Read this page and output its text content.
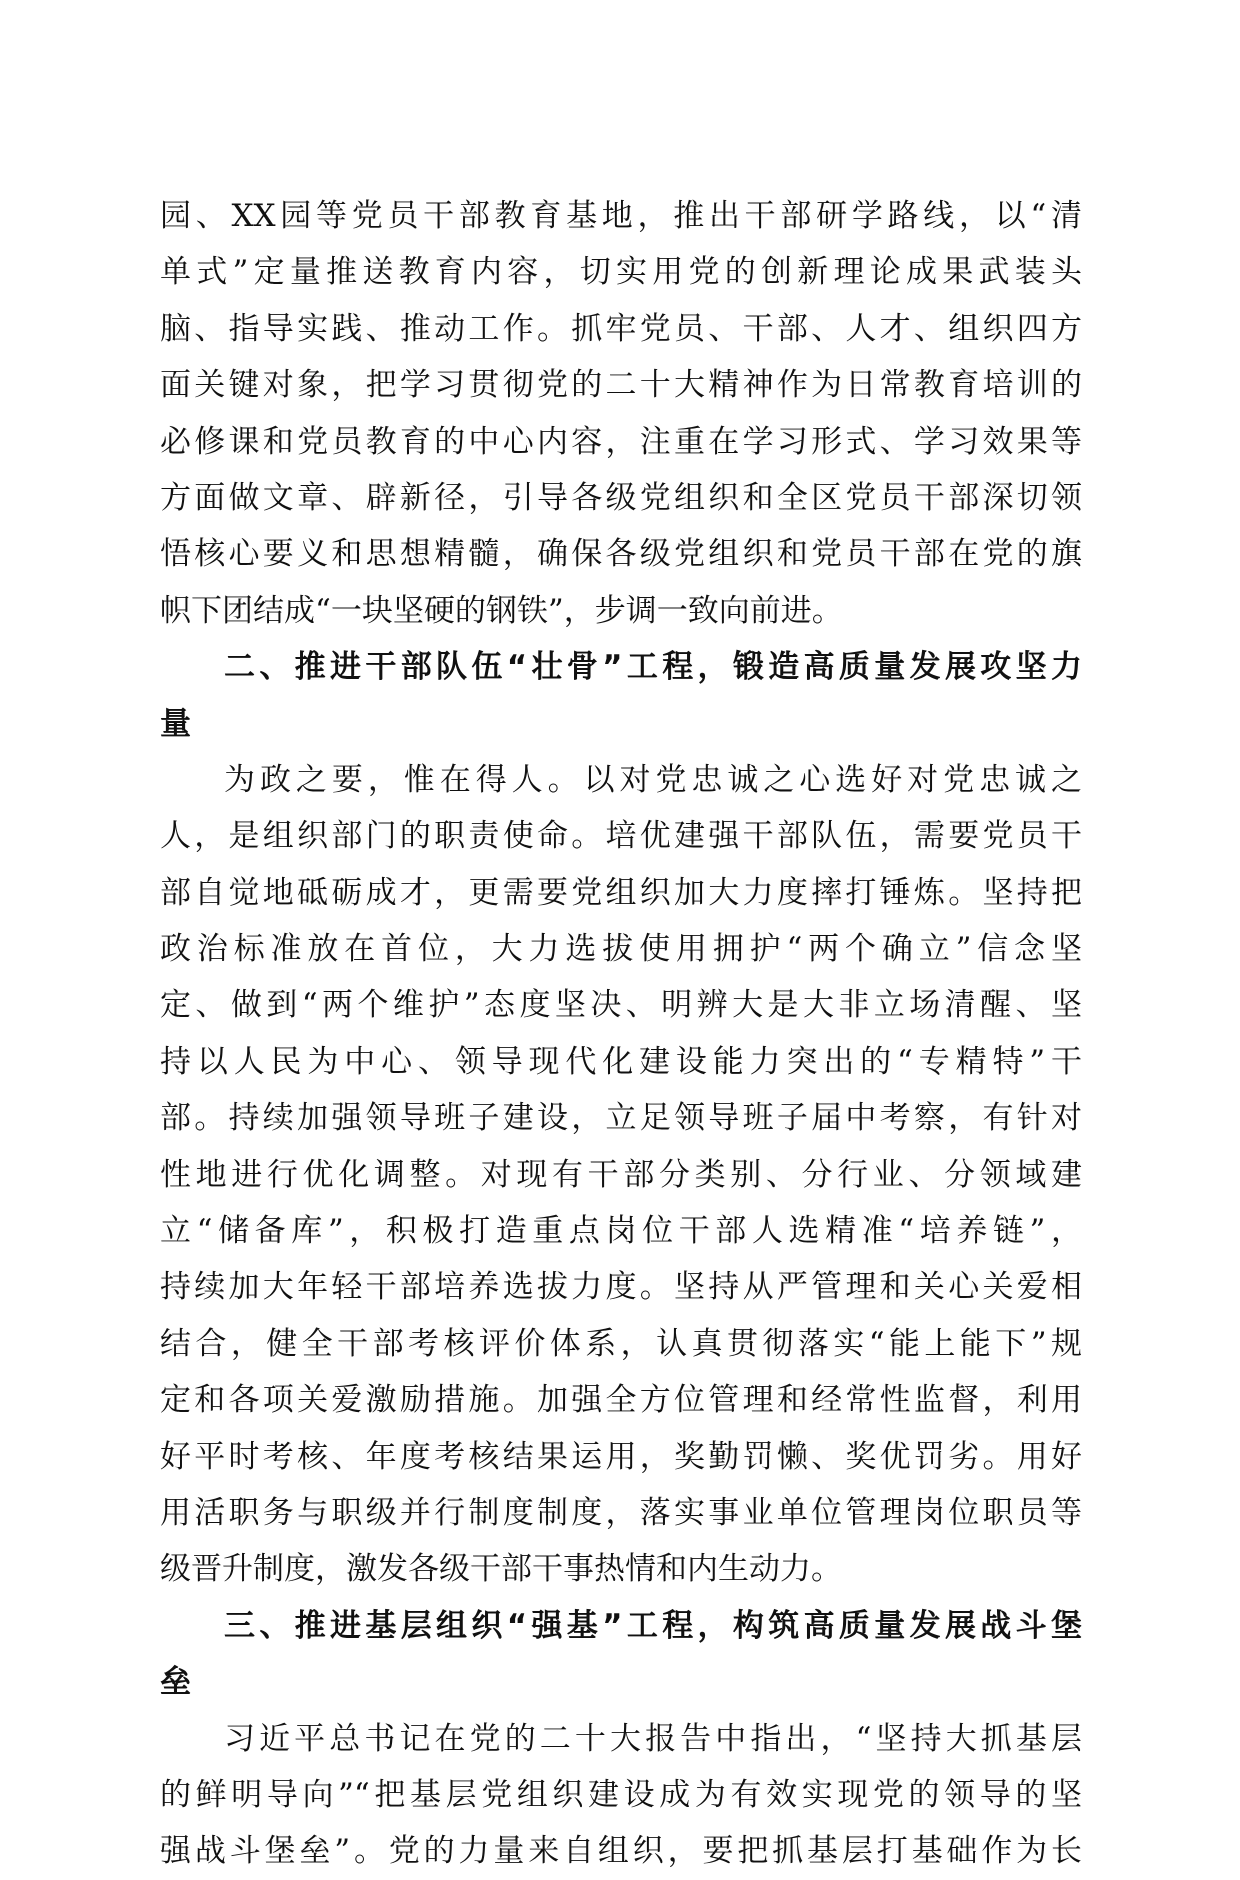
园、XX园等党员干部教育基地，推出干部研学路线，以“清
单式”定量推送教育内容，切实用党的创新理论成果武装头
脑、指导实践、推动工作。抓牢党员、干部、人才、组织四方
面关键对象，把学习贯彻党的二十大精神作为日常教育培训的
必修课和党员教育的中心内容，注重在学习形式、学习效果等
方面做文章、辟新径，引导各级党组织和全区党员干部深切领
悟核心要义和思想精髓，确保各级党组织和党员干部在党的旗
帜下团结成“一块坚硬的钢铁”，步调一致向前进。
二、推进干部队伍“壮骨”工程，锻造高质量发展攻坚力
量
为政之要，惟在得人。以对党忠诚之心选好对党忠诚之
人，是组织部门的职责使命。培优建强干部队伍，需要党员干
部自觉地砥砺成才，更需要党组织加大力度摔打锤炼。坚持把
政治标准放在首位，大力选拔使用拥护“两个确立”信念坚
定、做到“两个维护”态度坚决、明辨大是大非立场清醒、坚
持以人民为中心、领导现代化建设能力突出的“专精特”干
部。持续加强领导班子建设，立足领导班子届中考察，有针对
性地进行优化调整。对现有干部分类别、分行业、分领域建
立“储备库”，积极打造重点岗位干部人选精准“培养链”，
持续加大年轻干部培养选拔力度。坚持从严管理和关心关爱相
结合，健全干部考核评价体系，认真贯彻落实“能上能下”规
定和各项关爱激励措施。加强全方位管理和经常性监督，利用
好平时考核、年度考核结果运用，奖勤罚懒、奖优罚劣。用好
用活职务与职级并行制度制度，落实事业单位管理岗位职员等
级晋升制度，激发各级干部干事热情和内生动力。
三、推进基层组织“强基”工程，构筑高质量发展战斗堡
垒
习近平总书记在党的二十大报告中指出，“坚持大抓基层
的鲜明导向”“把基层党组织建设成为有效实现党的领导的坚
强战斗堡垒”。党的力量来自组织，要把抓基层打基础作为长
